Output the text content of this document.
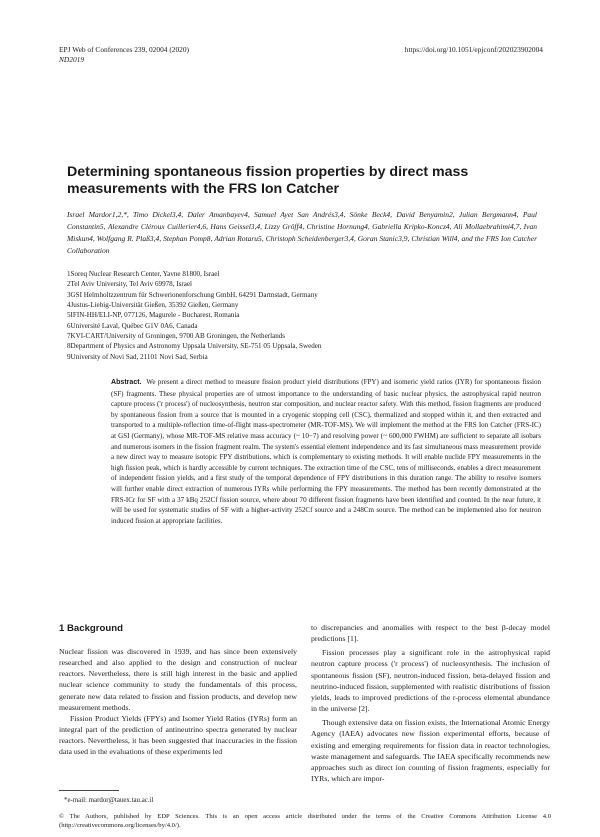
EPJ Web of Conferences 239, 02004 (2020)
ND2019
https://doi.org/10.1051/epjconf/202023902004
Determining spontaneous fission properties by direct mass measurements with the FRS Ion Catcher
Israel Mardor1,2,*, Timo Dickel3,4, Daler Amanbayev4, Samuel Ayet San Andrés3,4, Sönke Beck4, David Benyamin2, Julian Bergmann4, Paul Constantin5, Alexandre Cléroux Cuillerier4,6, Hans Geissel3,4, Lizzy Gröff4, Christine Hornung4, Gabriella Kripko-Koncz4, Ali Mollaebrahimi4,7, Ivan Miskun4, Wolfgang R. Plaß3,4, Stephan Pomp8, Adrian Rotaru5, Christoph Scheidenberger3,4, Goran Stanic3,9, Christian Will4, and the FRS Ion Catcher Collaboration
1Soreq Nuclear Research Center, Yavne 81800, Israel
2Tel Aviv University, Tel Aviv 69978, Israel
3GSI Helmholtzzentrum für Schwerionenforschung GmbH, 64291 Darmstadt, Germany
4Justus-Liebig-Universität Gießen, 35392 Gießen, Germany
5IFIN-HH/ELI-NP, 077126, Magurele - Bucharest, Romania
6Université Laval, Québec G1V 0A6, Canada
7KVI-CART/University of Groningen, 9700 AB Groningen, the Netherlands
8Department of Physics and Astronomy Uppsala University, SE-751 05 Uppsala, Sweden
9University of Novi Sad, 21101 Novi Sad, Serbia

Abstract. We present a direct method to measure fission product yield distributions (FPY) and isomeric yield ratios (IYR) for spontaneous fission (SF) fragments. These physical properties are of utmost importance to the understanding of basic nuclear physics, the astrophysical rapid neutron capture process ('r process') of nucleosynthesis, neutron star composition, and nuclear reactor safety. With this method, fission fragments are produced by spontaneous fission from a source that is mounted in a cryogenic stopping cell (CSC), thermalized and stopped within it, and then extracted and transported to a multiple-reflection time-of-flight mass-spectrometer (MR-TOF-MS). We will implement the method at the FRS Ion Catcher (FRS-IC) at GSI (Germany), whose MR-TOF-MS relative mass accuracy (~ 10−7) and resolving power (~ 600,000 FWHM) are sufficient to separate all isobars and numerous isomers in the fission fragment realm. The system's essential element independence and its fast simultaneous mass measurement provide a new direct way to measure isotopic FPY distributions, which is complementary to existing methods. It will enable nuclide FPY measurements in the high fission peak, which is hardly accessible by current techniques. The extraction time of the CSC, tens of milliseconds, enables a direct measurement of independent fission yields, and a first study of the temporal dependence of FPY distributions in this duration range. The ability to resolve isomers will further enable direct extraction of numerous IYRs while performing the FPY measurements. The method has been recently demonstrated at the FRS-ICr for SF with a 37 kBq 252Cf fission source, where about 70 different fission fragments have been identified and counted. In the near future, it will be used for systematic studies of SF with a higher-activity 252Cf source and a 248Cm source. The method can be implemented also for neutron induced fission at appropriate facilities.

1 Background

Nuclear fission was discovered in 1939, and has since been extensively researched and also applied to the design and construction of nuclear reactors. Nevertheless, there is still high interest in the basic and applied nuclear science community to study the fundamentals of this process, generate new data related to fission and fission products, and develop new measurement methods.

Fission Product Yields (FPYs) and Isomer Yield Ratios (IYRs) form an integral part of the prediction of antineutrino spectra generated by nuclear reactors. Nevertheless, it has been suggested that inaccuracies in the fission data used in the evaluations of these experiments led

to discrepancies and anomalies with respect to the best β-decay model predictions [1].

Fission processes play a significant role in the astrophysical rapid neutron capture process ('r process') of nucleosynthesis. The inclusion of spontaneous fission (SF), neutron-induced fission, beta-delayed fission and neutrino-induced fission, supplemented with realistic distributions of fission yields, leads to improved predictions of the r-process elemental abundance in the universe [2].

Though extensive data on fission exists, the International Atomic Energy Agency (IAEA) advocates new fission experimental efforts, because of existing and emerging requirements for fission data in reactor technologies, waste management and safeguards. The IAEA specifically recommends new approaches such as direct ion counting of fission fragments, especially for IYRs, which are impor-

*e-mail: mardor@tauex.tau.ac.il
© The Authors, published by EDP Sciences. This is an open access article distributed under the terms of the Creative Commons Attribution License 4.0 (http://creativecommons.org/licenses/by/4.0/).
